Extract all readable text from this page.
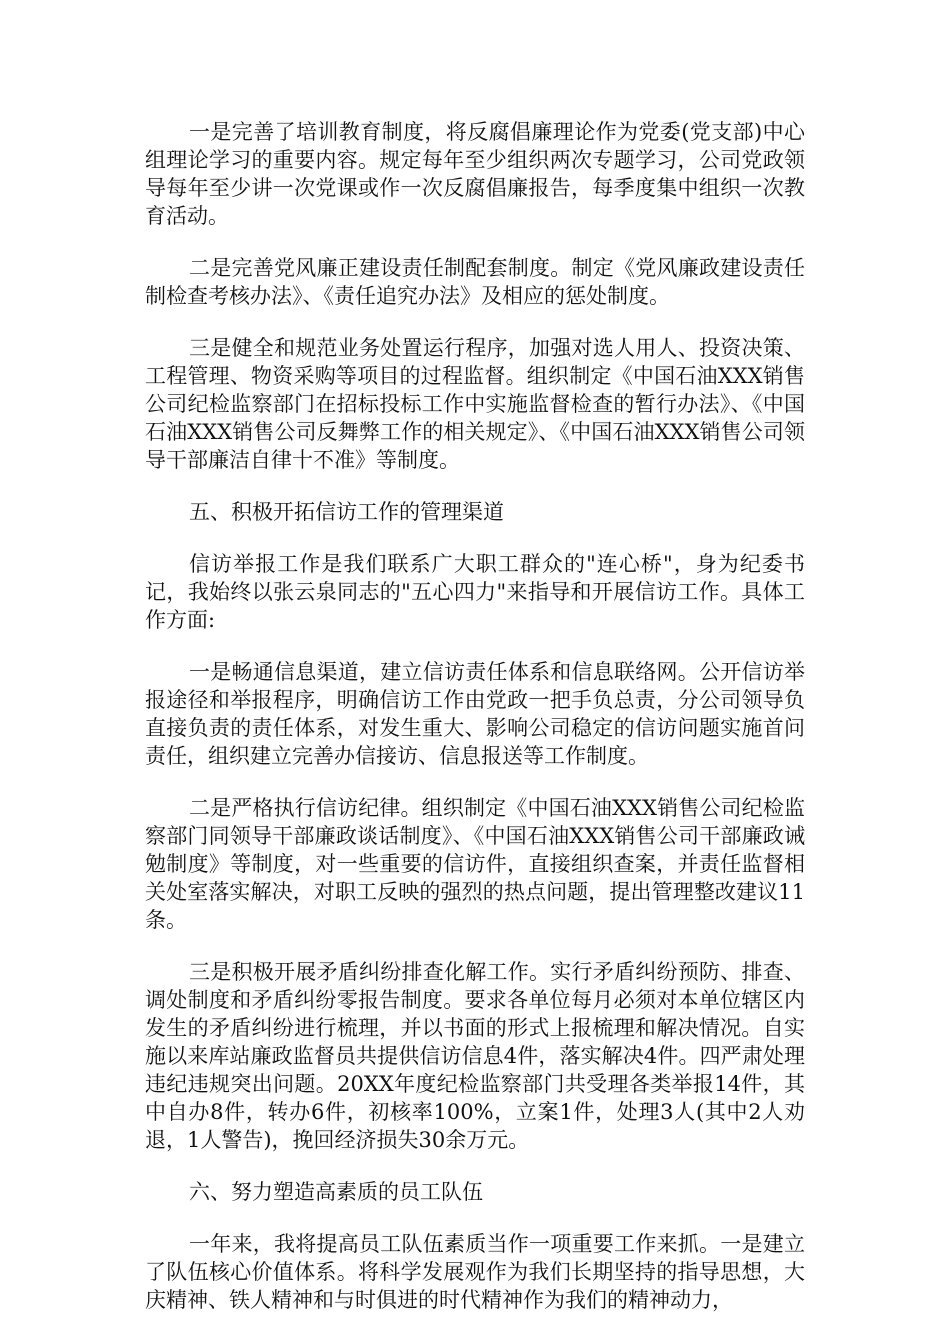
一是完善了培训教育制度，将反腐倡廉理论作为党委(党支部)中心组理论学习的重要内容。规定每年至少组织两次专题学习，公司党政领导每年至少讲一次党课或作一次反腐倡廉报告，每季度集中组织一次教育活动。

二是完善党风廉正建设责任制配套制度。制定《党风廉政建设责任制检查考核办法》、《责任追究办法》及相应的惩处制度。

三是健全和规范业务处置运行程序，加强对选人用人、投资决策、工程管理、物资采购等项目的过程监督。组织制定《中国石油XXX销售公司纪检监察部门在招标投标工作中实施监督检查的暂行办法》、《中国石油XXX销售公司反舞弊工作的相关规定》、《中国石油XXX销售公司领导干部廉洁自律十不准》等制度。

五、积极开拓信访工作的管理渠道

信访举报工作是我们联系广大职工群众的"连心桥"，身为纪委书记，我始终以张云泉同志的"五心四力"来指导和开展信访工作。具体工作方面:

一是畅通信息渠道，建立信访责任体系和信息联络网。公开信访举报途径和举报程序，明确信访工作由党政一把手负总责，分公司领导负直接负责的责任体系，对发生重大、影响公司稳定的信访问题实施首问责任，组织建立完善办信接访、信息报送等工作制度。

二是严格执行信访纪律。组织制定《中国石油XXX销售公司纪检监察部门同领导干部廉政谈话制度》、《中国石油XXX销售公司干部廉政诫勉制度》等制度，对一些重要的信访件，直接组织查案，并责任监督相关处室落实解决，对职工反映的强烈的热点问题，提出管理整改建议11条。

三是积极开展矛盾纠纷排查化解工作。实行矛盾纠纷预防、排查、调处制度和矛盾纠纷零报告制度。要求各单位每月必须对本单位辖区内发生的矛盾纠纷进行梳理，并以书面的形式上报梳理和解决情况。自实施以来库站廉政监督员共提供信访信息4件，落实解决4件。四严肃处理违纪违规突出问题。20XX年度纪检监察部门共受理各类举报14件，其中自办8件，转办6件，初核率100%，立案1件，处理3人(其中2人劝退，1人警告)，挽回经济损失30余万元。

六、努力塑造高素质的员工队伍

一年来，我将提高员工队伍素质当作一项重要工作来抓。一是建立了队伍核心价值体系。将科学发展观作为我们长期坚持的指导思想，大庆精神、铁人精神和与时俱进的时代精神作为我们的精神动力，
